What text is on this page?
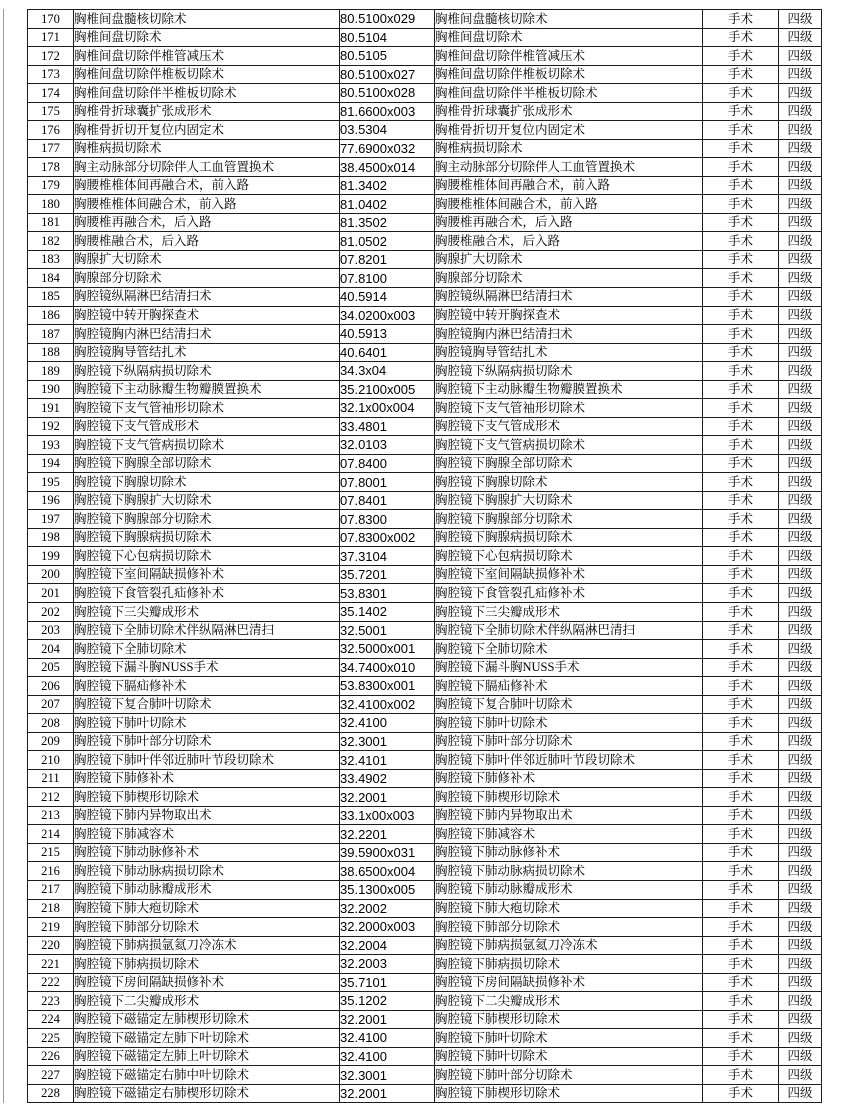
170	胸椎间盘髓核切除术	80.5100x029	胸椎间盘髓核切除术	手术	四级
171	胸椎间盘切除术	80.5104	胸椎间盘切除术	手术	四级
172	胸椎间盘切除伴椎管减压术	80.5105	胸椎间盘切除伴椎管减压术	手术	四级
173	胸椎间盘切除伴椎板切除术	80.5100x027	胸椎间盘切除伴椎板切除术	手术	四级
174	胸椎间盘切除伴半椎板切除术	80.5100x028	胸椎间盘切除伴半椎板切除术	手术	四级
175	胸椎骨折球囊扩张成形术	81.6600x003	胸椎骨折球囊扩张成形术	手术	四级
176	胸椎骨折切开复位内固定术	03.5304	胸椎骨折切开复位内固定术	手术	四级
177	胸椎病损切除术	77.6900x032	胸椎病损切除术	手术	四级
178	胸主动脉部分切除伴人工血管置换术	38.4500x014	胸主动脉部分切除伴人工血管置换术	手术	四级
179	胸腰椎椎体间再融合术，前入路	81.3402	胸腰椎椎体间再融合术，前入路	手术	四级
180	胸腰椎椎体间融合术，前入路	81.0402	胸腰椎椎体间融合术，前入路	手术	四级
181	胸腰椎再融合术，后入路	81.3502	胸腰椎再融合术，后入路	手术	四级
182	胸腰椎融合术，后入路	81.0502	胸腰椎融合术，后入路	手术	四级
183	胸腺扩大切除术	07.8201	胸腺扩大切除术	手术	四级
184	胸腺部分切除术	07.8100	胸腺部分切除术	手术	四级
185	胸腔镜纵隔淋巴结清扫术	40.5914	胸腔镜纵隔淋巴结清扫术	手术	四级
186	胸腔镜中转开胸探查术	34.0200x003	胸腔镜中转开胸探查术	手术	四级
187	胸腔镜胸内淋巴结清扫术	40.5913	胸腔镜胸内淋巴结清扫术	手术	四级
188	胸腔镜胸导管结扎术	40.6401	胸腔镜胸导管结扎术	手术	四级
189	胸腔镜下纵隔病损切除术	34.3x04	胸腔镜下纵隔病损切除术	手术	四级
190	胸腔镜下主动脉瓣生物瓣膜置换术	35.2100x005	胸腔镜下主动脉瓣生物瓣膜置换术	手术	四级
191	胸腔镜下支气管袖形切除术	32.1x00x004	胸腔镜下支气管袖形切除术	手术	四级
192	胸腔镜下支气管成形术	33.4801	胸腔镜下支气管成形术	手术	四级
193	胸腔镜下支气管病损切除术	32.0103	胸腔镜下支气管病损切除术	手术	四级
194	胸腔镜下胸腺全部切除术	07.8400	胸腔镜下胸腺全部切除术	手术	四级
195	胸腔镜下胸腺切除术	07.8001	胸腔镜下胸腺切除术	手术	四级
196	胸腔镜下胸腺扩大切除术	07.8401	胸腔镜下胸腺扩大切除术	手术	四级
197	胸腔镜下胸腺部分切除术	07.8300	胸腔镜下胸腺部分切除术	手术	四级
198	胸腔镜下胸腺病损切除术	07.8300x002	胸腔镜下胸腺病损切除术	手术	四级
199	胸腔镜下心包病损切除术	37.3104	胸腔镜下心包病损切除术	手术	四级
200	胸腔镜下室间隔缺损修补术	35.7201	胸腔镜下室间隔缺损修补术	手术	四级
201	胸腔镜下食管裂孔疝修补术	53.8301	胸腔镜下食管裂孔疝修补术	手术	四级
202	胸腔镜下三尖瓣成形术	35.1402	胸腔镜下三尖瓣成形术	手术	四级
203	胸腔镜下全肺切除术伴纵隔淋巴清扫	32.5001	胸腔镜下全肺切除术伴纵隔淋巴清扫	手术	四级
204	胸腔镜下全肺切除术	32.5000x001	胸腔镜下全肺切除术	手术	四级
205	胸腔镜下漏斗胸NUSS手术	34.7400x010	胸腔镜下漏斗胸NUSS手术	手术	四级
206	胸腔镜下膈疝修补术	53.8300x001	胸腔镜下膈疝修补术	手术	四级
207	胸腔镜下复合肺叶切除术	32.4100x002	胸腔镜下复合肺叶切除术	手术	四级
208	胸腔镜下肺叶切除术	32.4100	胸腔镜下肺叶切除术	手术	四级
209	胸腔镜下肺叶部分切除术	32.3001	胸腔镜下肺叶部分切除术	手术	四级
210	胸腔镜下肺叶伴邻近肺叶节段切除术	32.4101	胸腔镜下肺叶伴邻近肺叶节段切除术	手术	四级
211	胸腔镜下肺修补术	33.4902	胸腔镜下肺修补术	手术	四级
212	胸腔镜下肺楔形切除术	32.2001	胸腔镜下肺楔形切除术	手术	四级
213	胸腔镜下肺内异物取出术	33.1x00x003	胸腔镜下肺内异物取出术	手术	四级
214	胸腔镜下肺减容术	32.2201	胸腔镜下肺减容术	手术	四级
215	胸腔镜下肺动脉修补术	39.5900x031	胸腔镜下肺动脉修补术	手术	四级
216	胸腔镜下肺动脉病损切除术	38.6500x004	胸腔镜下肺动脉病损切除术	手术	四级
217	胸腔镜下肺动脉瓣成形术	35.1300x005	胸腔镜下肺动脉瓣成形术	手术	四级
218	胸腔镜下肺大疱切除术	32.2002	胸腔镜下肺大疱切除术	手术	四级
219	胸腔镜下肺部分切除术	32.2000x003	胸腔镜下肺部分切除术	手术	四级
220	胸腔镜下肺病损氩氦刀冷冻术	32.2004	胸腔镜下肺病损氩氦刀冷冻术	手术	四级
221	胸腔镜下肺病损切除术	32.2003	胸腔镜下肺病损切除术	手术	四级
222	胸腔镜下房间隔缺损修补术	35.7101	胸腔镜下房间隔缺损修补术	手术	四级
223	胸腔镜下二尖瓣成形术	35.1202	胸腔镜下二尖瓣成形术	手术	四级
224	胸腔镜下磁锚定左肺楔形切除术	32.2001	胸腔镜下肺楔形切除术	手术	四级
225	胸腔镜下磁锚定左肺下叶切除术	32.4100	胸腔镜下肺叶切除术	手术	四级
226	胸腔镜下磁锚定左肺上叶切除术	32.4100	胸腔镜下肺叶切除术	手术	四级
227	胸腔镜下磁锚定右肺中叶切除术	32.3001	胸腔镜下肺叶部分切除术	手术	四级
228	胸腔镜下磁锚定右肺楔形切除术	32.2001	胸腔镜下肺楔形切除术	手术	四级
